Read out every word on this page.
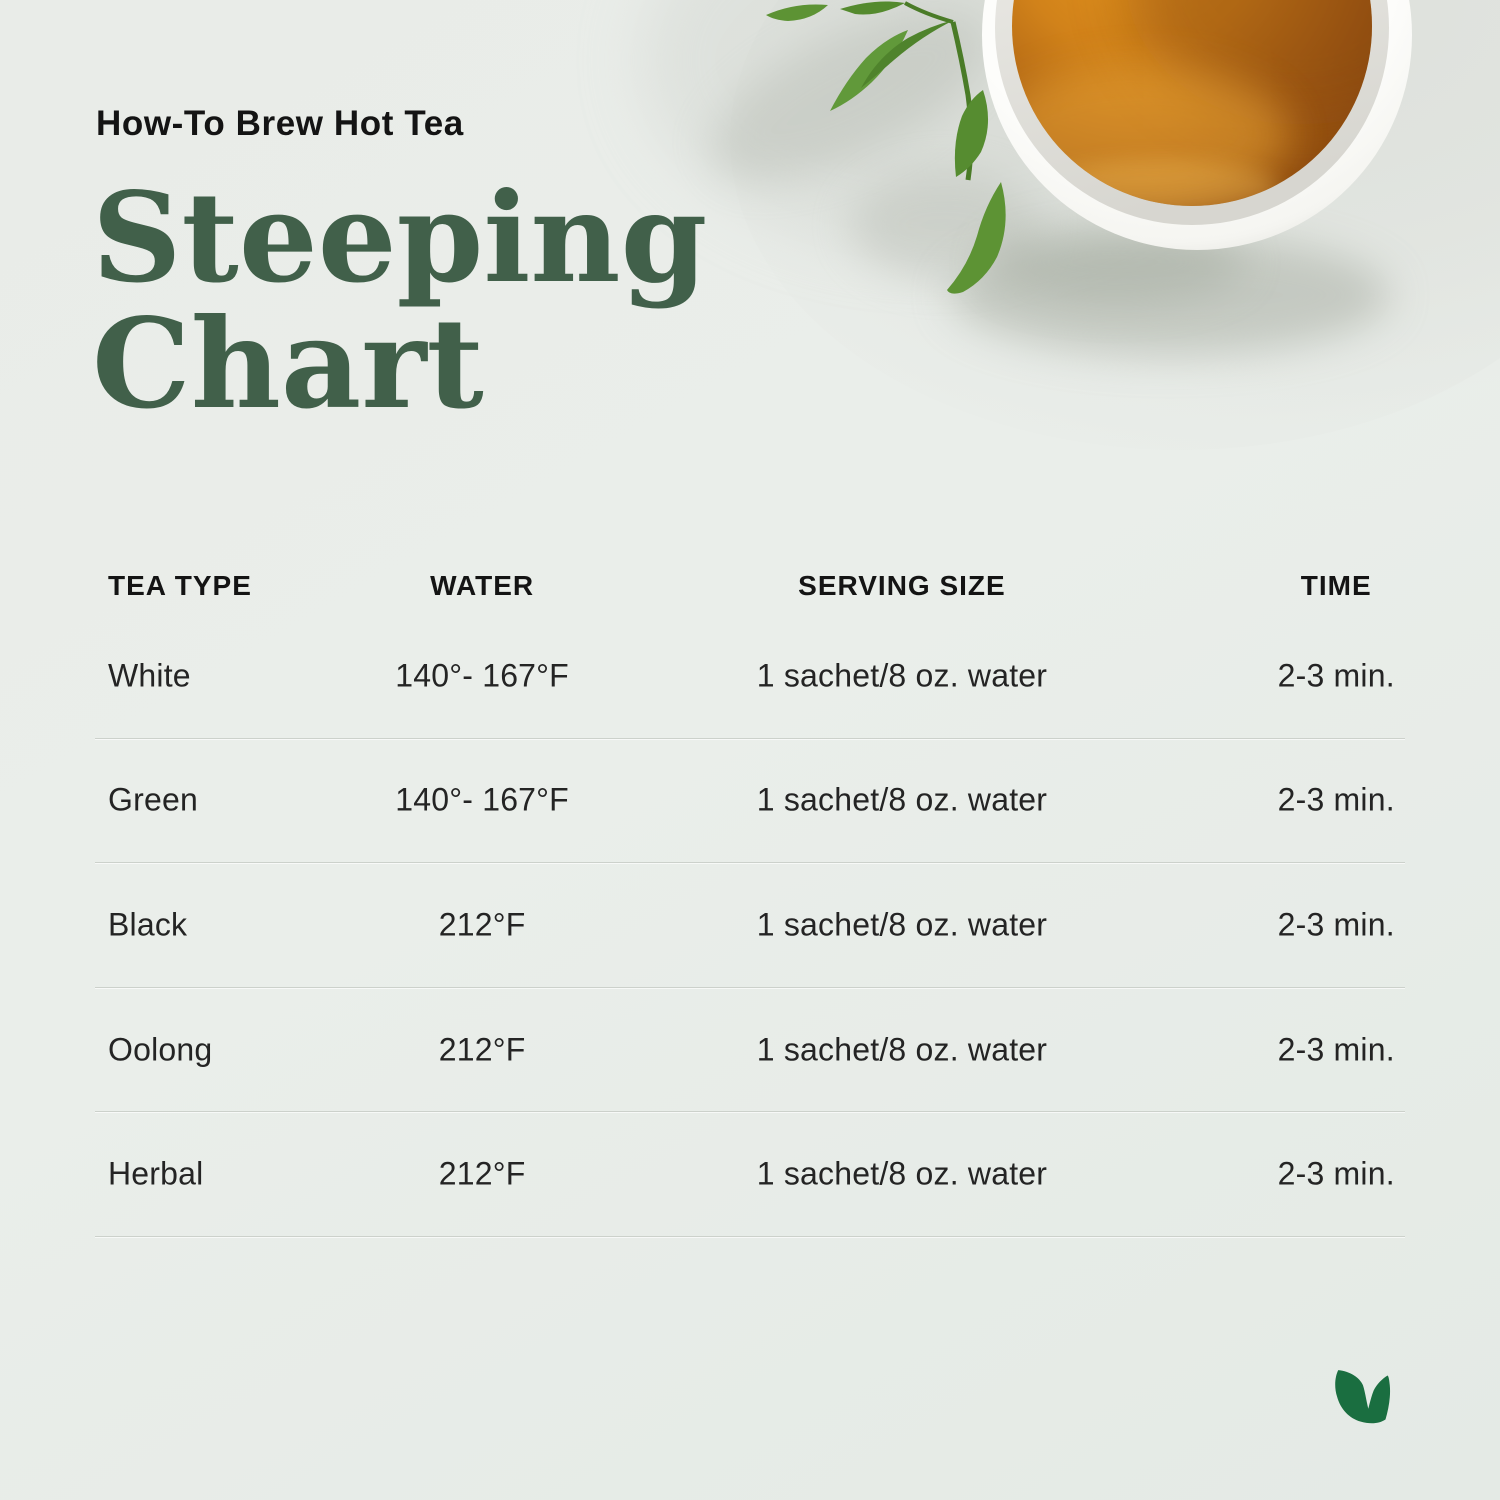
How-To Brew Hot Tea
Steeping
Chart
TEA TYPE	WATER	SERVING SIZE	TIME
White	140°- 167°F	1 sachet/8 oz. water	2-3 min.
Green	140°- 167°F	1 sachet/8 oz. water	2-3 min.
Black	212°F	1 sachet/8 oz. water	2-3 min.
Oolong	212°F	1 sachet/8 oz. water	2-3 min.
Herbal	212°F	1 sachet/8 oz. water	2-3 min.
